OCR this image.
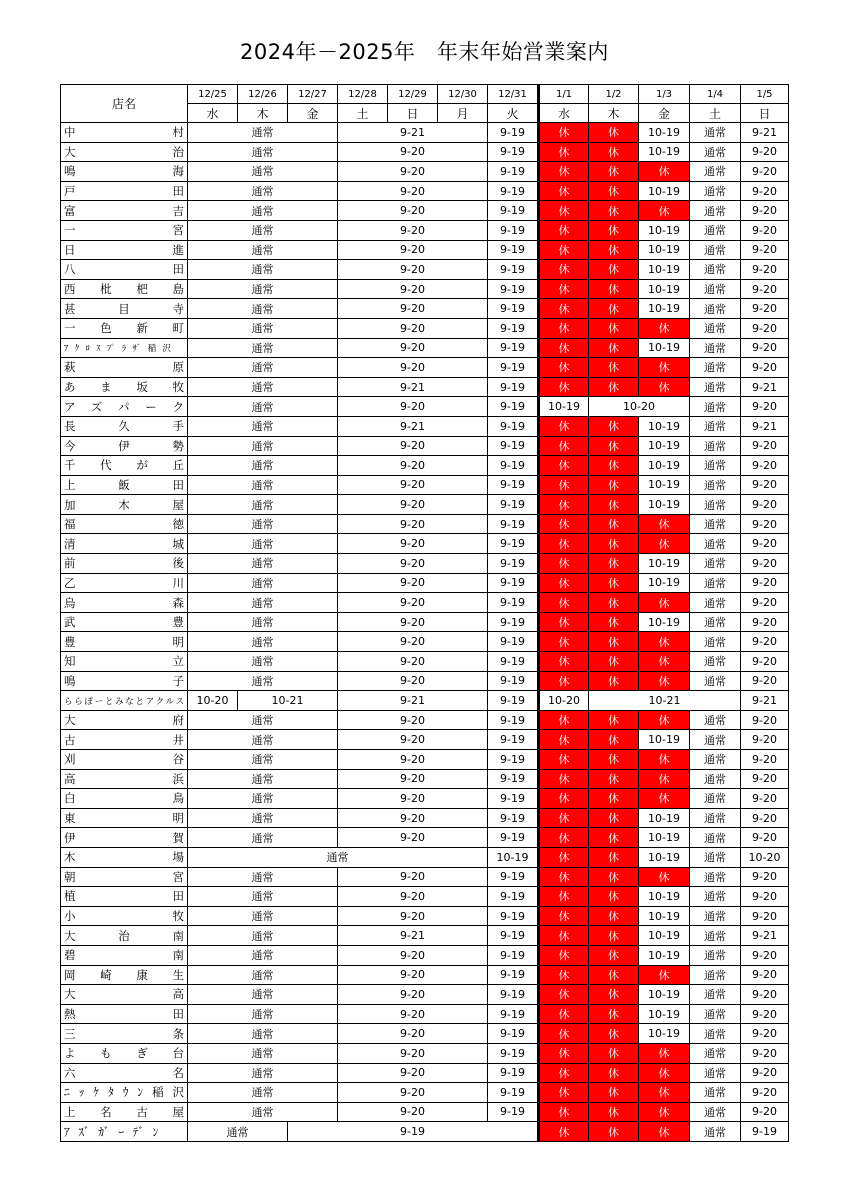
2024年－2025年　年末年始営業案内
店名	12/25	12/26	12/27	12/28	12/29	12/30	12/31	1/1	1/2	1/3	1/4	1/5
	水	木	金	土	日	月	火	水	木	金	土	日
中村	通常			9-21			9-19	休	休	10-19	通常	9-21
大治	通常			9-20			9-19	休	休	10-19	通常	9-20
鳴海	通常			9-20			9-19	休	休	休	通常	9-20
戸田	通常			9-20			9-19	休	休	10-19	通常	9-20
富吉	通常			9-20			9-19	休	休	休	通常	9-20
一宮	通常			9-20			9-19	休	休	10-19	通常	9-20
日進	通常			9-20			9-19	休	休	10-19	通常	9-20
八田	通常			9-20			9-19	休	休	10-19	通常	9-20
西枇杷島	通常			9-20			9-19	休	休	10-19	通常	9-20
甚目寺	通常			9-20			9-19	休	休	10-19	通常	9-20
一色新町	通常			9-20			9-19	休	休	休	通常	9-20
ｱｸﾛｽﾌﾟﾗｻﾞ稲沢	通常			9-20			9-19	休	休	10-19	通常	9-20
萩原	通常			9-20			9-19	休	休	休	通常	9-20
あま坂牧	通常			9-21			9-19	休	休	休	通常	9-21
アズパーク	通常			9-20			9-19	10-19	10-20		通常	9-20
長久手	通常			9-21			9-19	休	休	10-19	通常	9-21
今伊勢	通常			9-20			9-19	休	休	10-19	通常	9-20
千代が丘	通常			9-20			9-19	休	休	10-19	通常	9-20
上飯田	通常			9-20			9-19	休	休	10-19	通常	9-20
加木屋	通常			9-20			9-19	休	休	10-19	通常	9-20
福徳	通常			9-20			9-19	休	休	休	通常	9-20
清城	通常			9-20			9-19	休	休	休	通常	9-20
前後	通常			9-20			9-19	休	休	10-19	通常	9-20
乙川	通常			9-20			9-19	休	休	10-19	通常	9-20
烏森	通常			9-20			9-19	休	休	休	通常	9-20
武豊	通常			9-20			9-19	休	休	10-19	通常	9-20
豊明	通常			9-20			9-19	休	休	休	通常	9-20
知立	通常			9-20			9-19	休	休	休	通常	9-20
鳴子	通常			9-20			9-19	休	休	休	通常	9-20
ららぽーとみなとアクルス	10-20	10-21		9-21			9-19	10-20	10-21			9-21
大府	通常			9-20			9-19	休	休	休	通常	9-20
古井	通常			9-20			9-19	休	休	10-19	通常	9-20
刈谷	通常			9-20			9-19	休	休	休	通常	9-20
高浜	通常			9-20			9-19	休	休	休	通常	9-20
白鳥	通常			9-20			9-19	休	休	休	通常	9-20
東明	通常			9-20			9-19	休	休	10-19	通常	9-20
伊賀	通常			9-20			9-19	休	休	10-19	通常	9-20
木場	通常						10-19	休	休	10-19	通常	10-20
朝宮	通常			9-20			9-19	休	休	休	通常	9-20
植田	通常			9-20			9-19	休	休	10-19	通常	9-20
小牧	通常			9-20			9-19	休	休	10-19	通常	9-20
大治南	通常			9-21			9-19	休	休	10-19	通常	9-21
碧南	通常			9-20			9-19	休	休	10-19	通常	9-20
岡崎康生	通常			9-20			9-19	休	休	休	通常	9-20
大高	通常			9-20			9-19	休	休	10-19	通常	9-20
熱田	通常			9-20			9-19	休	休	10-19	通常	9-20
三条	通常			9-20			9-19	休	休	10-19	通常	9-20
よもぎ台	通常			9-20			9-19	休	休	休	通常	9-20
六名	通常			9-20			9-19	休	休	休	通常	9-20
ﾆｯｹﾀｳﾝ稲沢	通常			9-20			9-19	休	休	休	通常	9-20
上名古屋	通常			9-20			9-19	休	休	休	通常	9-20
ｱｽﾞｶﾞｰﾃﾞﾝ	通常		9-19					休	休	休	通常	9-19
